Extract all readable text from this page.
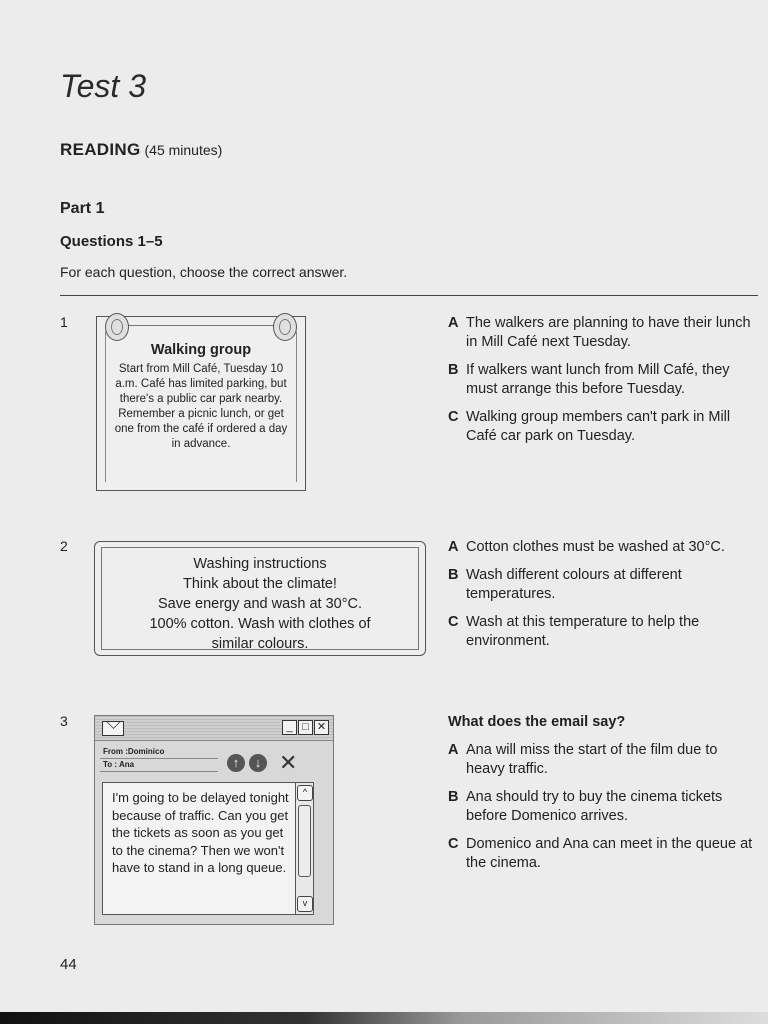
Test 3
READING (45 minutes)
Part 1
Questions 1–5
For each question, choose the correct answer.
1
Walking group
Start from Mill Café, Tuesday 10 a.m. Café has limited parking, but there's a public car park nearby. Remember a picnic lunch, or get one from the café if ordered a day in advance.
A The walkers are planning to have their lunch in Mill Café next Tuesday.
B If walkers want lunch from Mill Café, they must arrange this before Tuesday.
C Walking group members can't park in Mill Café car park on Tuesday.
2
Washing instructions
Think about the climate!
Save energy and wash at 30°C.
100% cotton. Wash with clothes of
similar colours.
A Cotton clothes must be washed at 30°C.
B Wash different colours at different temperatures.
C Wash at this temperature to help the environment.
3	_ □ ✕
From :Dominico
To : Ana	↑	↓ ✕
I'm going to be delayed tonight because of traffic. Can you get the tickets as soon as you get to the cinema? Then we won't have to stand in a long queue.
^
v
What does the email say?
A Ana will miss the start of the film due to heavy traffic.
B Ana should try to buy the cinema tickets before Domenico arrives.
C Domenico and Ana can meet in the queue at the cinema.
44
